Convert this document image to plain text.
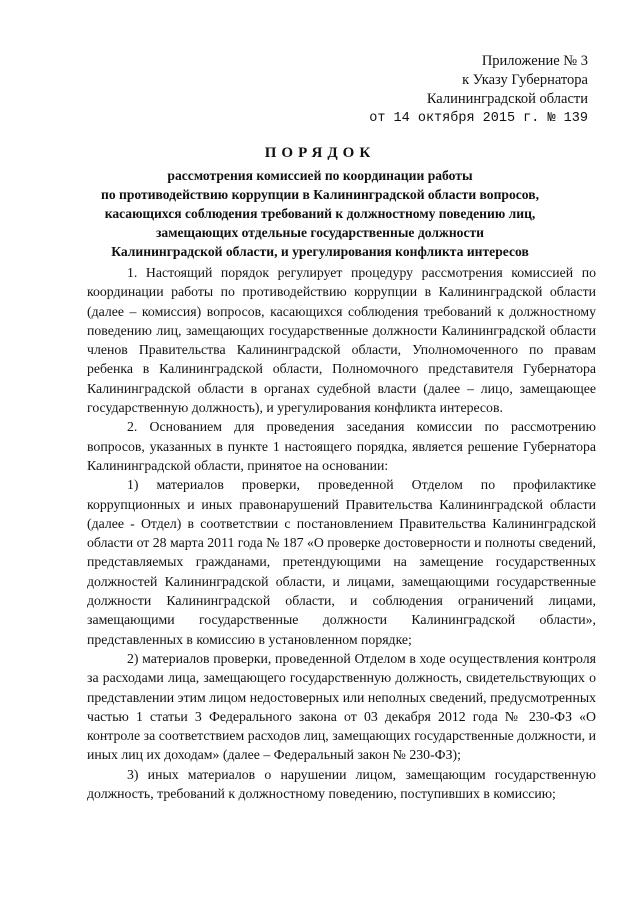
Приложение № 3
к Указу Губернатора
Калининградской области
от 14 октября 2015 г. № 139
ПОРЯДОК
рассмотрения комиссией по координации работы
по противодействию коррупции в Калининградской области вопросов,
касающихся соблюдения требований к должностному поведению лиц,
замещающих отдельные государственные должности
Калининградской области, и урегулирования конфликта интересов

1. Настоящий порядок регулирует процедуру рассмотрения комиссией по координации работы по противодействию коррупции в Калининградской области (далее – комиссия) вопросов, касающихся соблюдения требований к должностному поведению лиц, замещающих государственные должности Калининградской области членов Правительства Калининградской области, Уполномоченного по правам ребенка в Калининградской области, Полномочного представителя Губернатора Калининградской области в органах судебной власти (далее – лицо, замещающее государственную должность), и урегулирования конфликта интересов.

2. Основанием для проведения заседания комиссии по рассмотрению вопросов, указанных в пункте 1 настоящего порядка, является решение Губернатора Калининградской области, принятое на основании:

1) материалов проверки, проведенной Отделом по профилактике коррупционных и иных правонарушений Правительства Калининградской области (далее - Отдел) в соответствии с постановлением Правительства Калининградской области от 28 марта 2011 года № 187 «О проверке достоверности и полноты сведений, представляемых гражданами, претендующими на замещение государственных должностей Калининградской области, и лицами, замещающими государственные должности Калининградской области, и соблюдения ограничений лицами, замещающими государственные должности Калининградской области», представленных в комиссию в установленном порядке;

2) материалов проверки, проведенной Отделом в ходе осуществления контроля за расходами лица, замещающего государственную должность, свидетельствующих о представлении этим лицом недостоверных или неполных сведений, предусмотренных частью 1 статьи 3 Федерального закона от 03 декабря 2012 года № 230-ФЗ «О контроле за соответствием расходов лиц, замещающих государственные должности, и иных лиц их доходам» (далее – Федеральный закон № 230-ФЗ);

3) иных материалов о нарушении лицом, замещающим государственную должность, требований к должностному поведению, поступивших в комиссию;
